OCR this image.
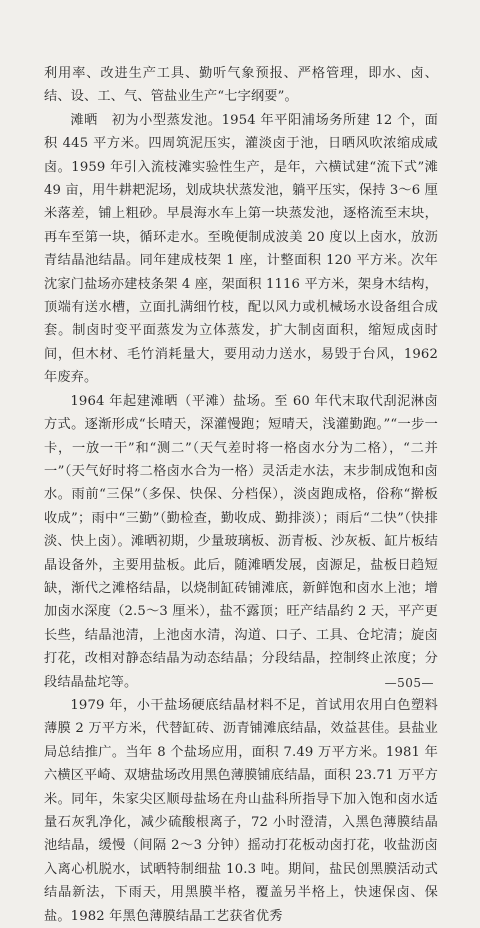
利用率、改进生产工具、勤听气象预报、严格管理，即水、卤、结、设、工、气、管盐业生产“七字纲要”。

滩晒　初为小型蒸发池。1954 年平阳浦场务所建 12 个，面积 445 平方米。四周筑泥压实，灌淡卤于池，日晒风吹浓缩成咸卤。1959 年引入流枝滩实验性生产，是年，六横试建“流下式”滩 49 亩，用牛耕耙泥场，划成块状蒸发池，躺平压实，保持 3～6 厘米落差，铺上粗砂。早晨海水车上第一块蒸发池，逐格流至末块，再车至第一块，循环走水。至晚便制成波美 20 度以上卤水，放沥青结晶池结晶。同年建成枝架 1 座，计整面积 120 平方米。次年沈家门盐场亦建枝条架 4 座，架面积 1116 平方米，架身木结构，顶端有送水槽，立面扎满细竹枝，配以风力或机械场水设备组合成套。制卤时变平面蒸发为立体蒸发，扩大制卤面积，缩短成卤时间，但木材、毛竹消耗量大，要用动力送水，易毁于台风，1962 年废弃。

1964 年起建滩晒（平滩）盐场。至 60 年代末取代刮泥淋卤方式。逐渐形成“长晴天，深灌慢跑；短晴天，浅灌勤跑。”“一步一卡，一放一干”和“测二”（天气差时将一格卤水分为二格），“二并一”（天气好时将二格卤水合为一格）灵活走水法，末步制成饱和卤水。雨前“三保”（多保、快保、分档保），淡卤跑成格，俗称“擀板收成”；雨中“三勤”（勤检查，勤收成、勤排淡）；雨后“二快”（快排淡、快上卤）。滩晒初期，少量玻璃板、沥青板、沙灰板、缸片板结晶设备外，主要用盐板。此后，随滩晒发展，卤源足，盐板日趋短缺，渐代之滩格结晶，以烧制缸砖铺滩底，新鲜饱和卤水上池；增加卤水深度（2.5～3 厘米），盐不露顶；旺产结晶约 2 天，平产更长些，结晶池清，上池卤水清，沟道、口子、工具、仓坨清；旋卤打花，改相对静态结晶为动态结晶；分段结晶，控制终止浓度；分段结晶盐坨等。

1979 年，小干盐场硬底结晶材料不足，首试用农用白色塑料薄膜 2 万平方米，代替缸砖、沥青铺滩底结晶，效益甚佳。县盐业局总结推广。当年 8 个盐场应用，面积 7.49 万平方米。1981 年六横区平崎、双塘盐场改用黑色薄膜铺底结晶，面积 23.71 万平方米。同年，朱家尖区顺母盐场在舟山盐科所指导下加入饱和卤水适量石灰乳净化，减少硫酸根离子，72 小时澄清，入黑色薄膜结晶池结晶，缓慢（间隔 2～3 分钟）摇动打花板动卤打花，收盐沥卤入离心机脱水，试晒特制细盐 10.3 吨。期间，盐民创黑膜活动式结晶新法，下雨天，用黑膜半格，覆盖另半格上，快速保卤、保盐。1982 年黑色薄膜结晶工艺获省优秀

—505—
